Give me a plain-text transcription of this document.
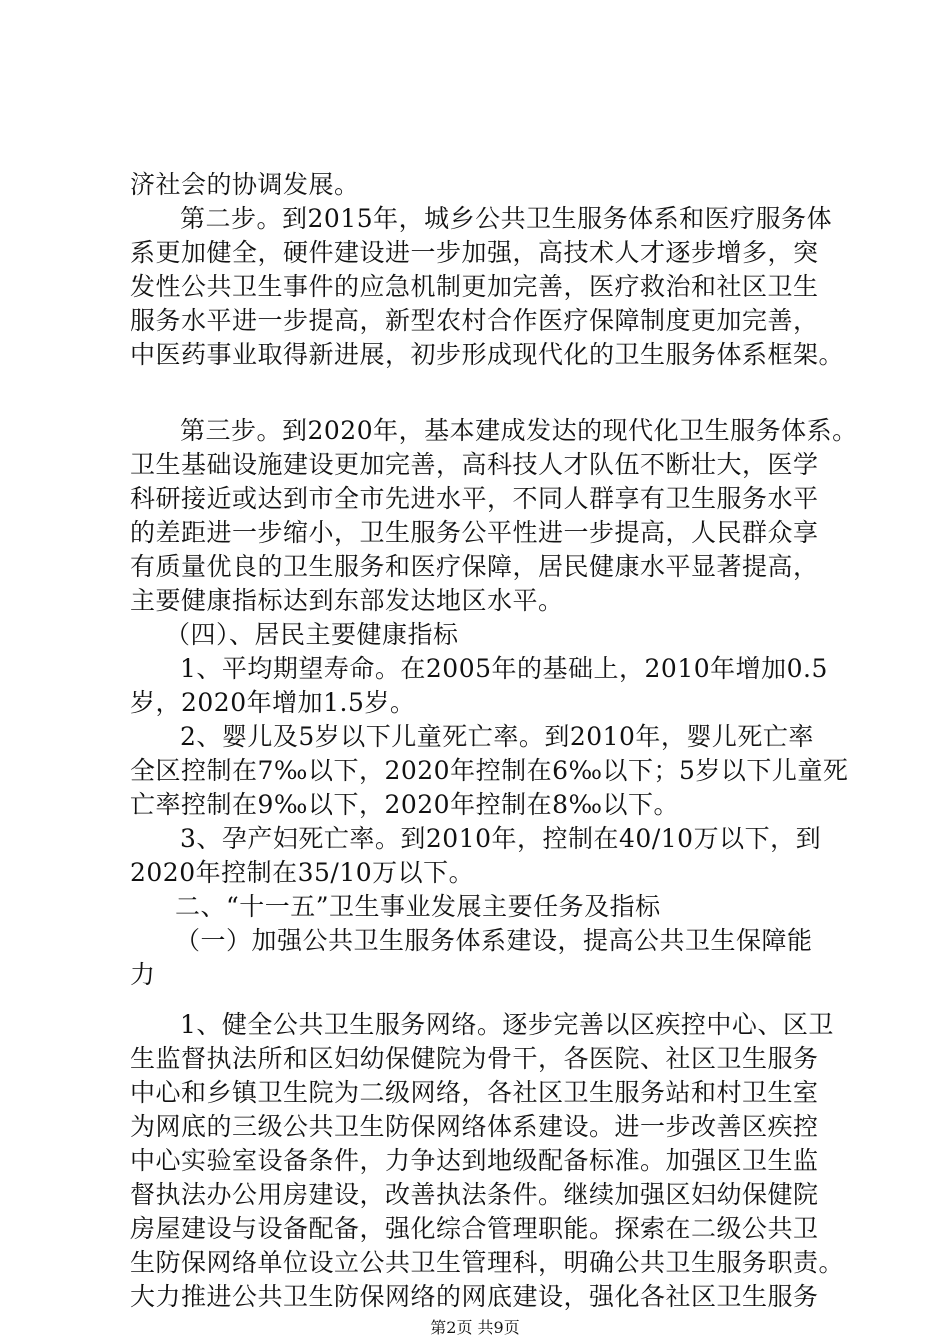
济社会的协调发展。
第二步。到2015年，城乡公共卫生服务体系和医疗服务体
系更加健全，硬件建设进一步加强，高技术人才逐步增多，突
发性公共卫生事件的应急机制更加完善，医疗救治和社区卫生
服务水平进一步提高，新型农村合作医疗保障制度更加完善，
中医药事业取得新进展，初步形成现代化的卫生服务体系框架。
第三步。到2020年，基本建成发达的现代化卫生服务体系。
卫生基础设施建设更加完善，高科技人才队伍不断壮大，医学
科研接近或达到市全市先进水平，不同人群享有卫生服务水平
的差距进一步缩小，卫生服务公平性进一步提高，人民群众享
有质量优良的卫生服务和医疗保障，居民健康水平显著提高，
主要健康指标达到东部发达地区水平。
（四）、居民主要健康指标
1、平均期望寿命。在2005年的基础上，2010年增加0.5
岁，2020年增加1.5岁。
2、婴儿及5岁以下儿童死亡率。到2010年，婴儿死亡率
全区控制在7‰以下，2020年控制在6‰以下；5岁以下儿童死
亡率控制在9‰以下，2020年控制在8‰以下。
3、孕产妇死亡率。到2010年，控制在40/10万以下，到
2020年控制在35/10万以下。
二、“十一五”卫生事业发展主要任务及指标
（一）加强公共卫生服务体系建设，提高公共卫生保障能
力
1、健全公共卫生服务网络。逐步完善以区疾控中心、区卫
生监督执法所和区妇幼保健院为骨干，各医院、社区卫生服务
中心和乡镇卫生院为二级网络，各社区卫生服务站和村卫生室
为网底的三级公共卫生防保网络体系建设。进一步改善区疾控
中心实验室设备条件，力争达到地级配备标准。加强区卫生监
督执法办公用房建设，改善执法条件。继续加强区妇幼保健院
房屋建设与设备配备，强化综合管理职能。探索在二级公共卫
生防保网络单位设立公共卫生管理科，明确公共卫生服务职责。
大力推进公共卫生防保网络的网底建设，强化各社区卫生服务
第2页 共9页
